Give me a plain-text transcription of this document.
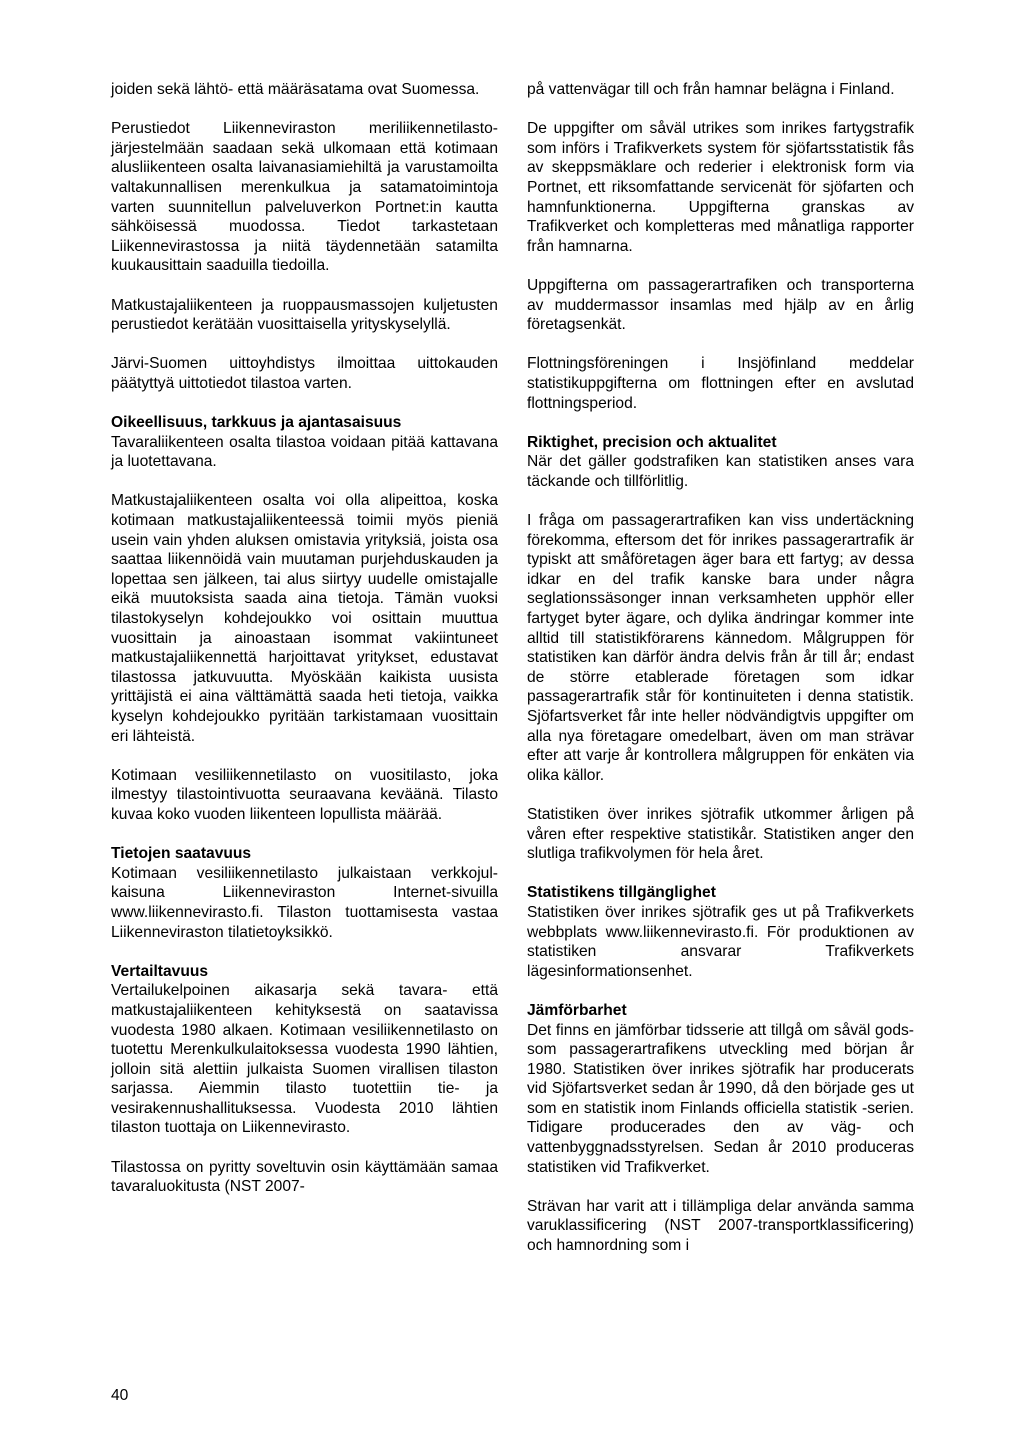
joiden sekä lähtö- että määräsatama ovat Suomessa.

Perustiedot Liikenneviraston meriliikennetilastojärjestelmään saadaan sekä ulkomaan että kotimaan alusliikenteen osalta laivanasiamiehiltä ja varustamoilta valtakunnallisen merenkulkua ja satamatoimintoja varten suunnitellun palveluverkon Portnet:in kautta sähköisessä muodossa. Tiedot tarkastetaan Liikennevirastossa ja niitä täydennetään satamilta kuukausittain saaduilla tiedoilla.

Matkustajaliikenteen ja ruoppausmassojen kuljetusten perustiedot kerätään vuosittaisella yrityskyselyllä.

Järvi-Suomen uittoyhdistys ilmoittaa uittokauden päätyttyä uittotiedot tilastoa varten.

Oikeellisuus, tarkkuus ja ajantasaisuus

Tavaraliikenteen osalta tilastoa voidaan pitää kattavana ja luotettavana.

Matkustajaliikenteen osalta voi olla alipeittoa, koska kotimaan matkustajaliikenteessä toimii myös pieniä usein vain yhden aluksen omistavia yrityksiä, joista osa saattaa liikennöidä vain muutaman purjehduskauden ja lopettaa sen jälkeen, tai alus siirtyy uudelle omistajalle eikä muutoksista saada aina tietoja. Tämän vuoksi tilastokyselyn kohdejoukko voi osittain muuttua vuosittain ja ainoastaan isommat vakiintuneet matkustajaliikennettä harjoittavat yritykset, edustavat tilastossa jatkuvuutta. Myöskään kaikista uusista yrittäjistä ei aina välttämättä saada heti tietoja, vaikka kyselyn kohdejoukko pyritään tarkistamaan vuosittain eri lähteistä.

Kotimaan vesiliikennetilasto on vuositilasto, joka ilmestyy tilastointivuotta seuraavana keväänä. Tilasto kuvaa koko vuoden liikenteen lopullista määrää.

Tietojen saatavuus

Kotimaan vesiliikennetilasto julkaistaan verkkojulkaisuna Liikenneviraston Internet-sivuilla www.liikennevirasto.fi. Tilaston tuottamisesta vastaa Liikenneviraston tilatietoyksikkö.

Vertailtavuus

Vertailukelpoinen aikasarja sekä tavara- että matkustajaliikenteen kehityksestä on saatavissa vuodesta 1980 alkaen. Kotimaan vesiliikennetilasto on tuotettu Merenkulkulaitoksessa vuodesta 1990 lähtien, jolloin sitä alettiin julkaista Suomen virallisen tilaston sarjassa. Aiemmin tilasto tuotettiin tie- ja vesirakennushallituksessa. Vuodesta 2010 lähtien tilaston tuottaja on Liikennevirasto.

Tilastossa on pyritty soveltuvin osin käyttämään samaa tavaraluokitusta (NST 2007-

på vattenvägar till och från hamnar belägna i Finland.

De uppgifter om såväl utrikes som inrikes fartygstrafik som införs i Trafikverkets system för sjöfartsstatistik fås av skeppsmäklare och rederier i elektronisk form via Portnet, ett riksomfattande servicenät för sjöfarten och hamnfunktionerna. Uppgifterna granskas av Trafikverket och kompletteras med månatliga rapporter från hamnarna.

Uppgifterna om passagerartrafiken och transporterna av muddermassor insamlas med hjälp av en årlig företagsenkät.

Flottningsföreningen i Insjöfinland meddelar statistikuppgifterna om flottningen efter en avslutad flottningsperiod.

Riktighet, precision och aktualitet

När det gäller godstrafiken kan statistiken anses vara täckande och tillförlitlig.

I fråga om passagerartrafiken kan viss undertäckning förekomma, eftersom det för inrikes passagerartrafik är typiskt att småföretagen äger bara ett fartyg; av dessa idkar en del trafik kanske bara under några seglationssäsonger innan verksamheten upphör eller fartyget byter ägare, och dylika ändringar kommer inte alltid till statistikförarens kännedom. Målgruppen för statistiken kan därför ändra delvis från år till år; endast de större etablerade företagen som idkar passagerartrafik står för kontinuiteten i denna statistik. Sjöfartsverket får inte heller nödvändigtvis uppgifter om alla nya företagare omedelbart, även om man strävar efter att varje år kontrollera målgruppen för enkäten via olika källor.

Statistiken över inrikes sjötrafik utkommer årligen på våren efter respektive statistikår. Statistiken anger den slutliga trafikvolymen för hela året.

Statistikens tillgänglighet

Statistiken över inrikes sjötrafik ges ut på Trafikverkets webbplats www.liikennevirasto.fi. För produktionen av statistiken ansvarar Trafikverkets lägesinformationsenhet.

Jämförbarhet

Det finns en jämförbar tidsserie att tillgå om såväl gods- som passagerartrafikens utveckling med början år 1980. Statistiken över inrikes sjötrafik har producerats vid Sjöfartsverket sedan år 1990, då den började ges ut som en statistik inom Finlands officiella statistik -serien. Tidigare producerades den av väg- och vattenbyggnadsstyrelsen. Sedan år 2010 produceras statistiken vid Trafikverket.

Strävan har varit att i tillämpliga delar använda samma varuklassificering (NST 2007-transportklassificering) och hamnordning som i

40
